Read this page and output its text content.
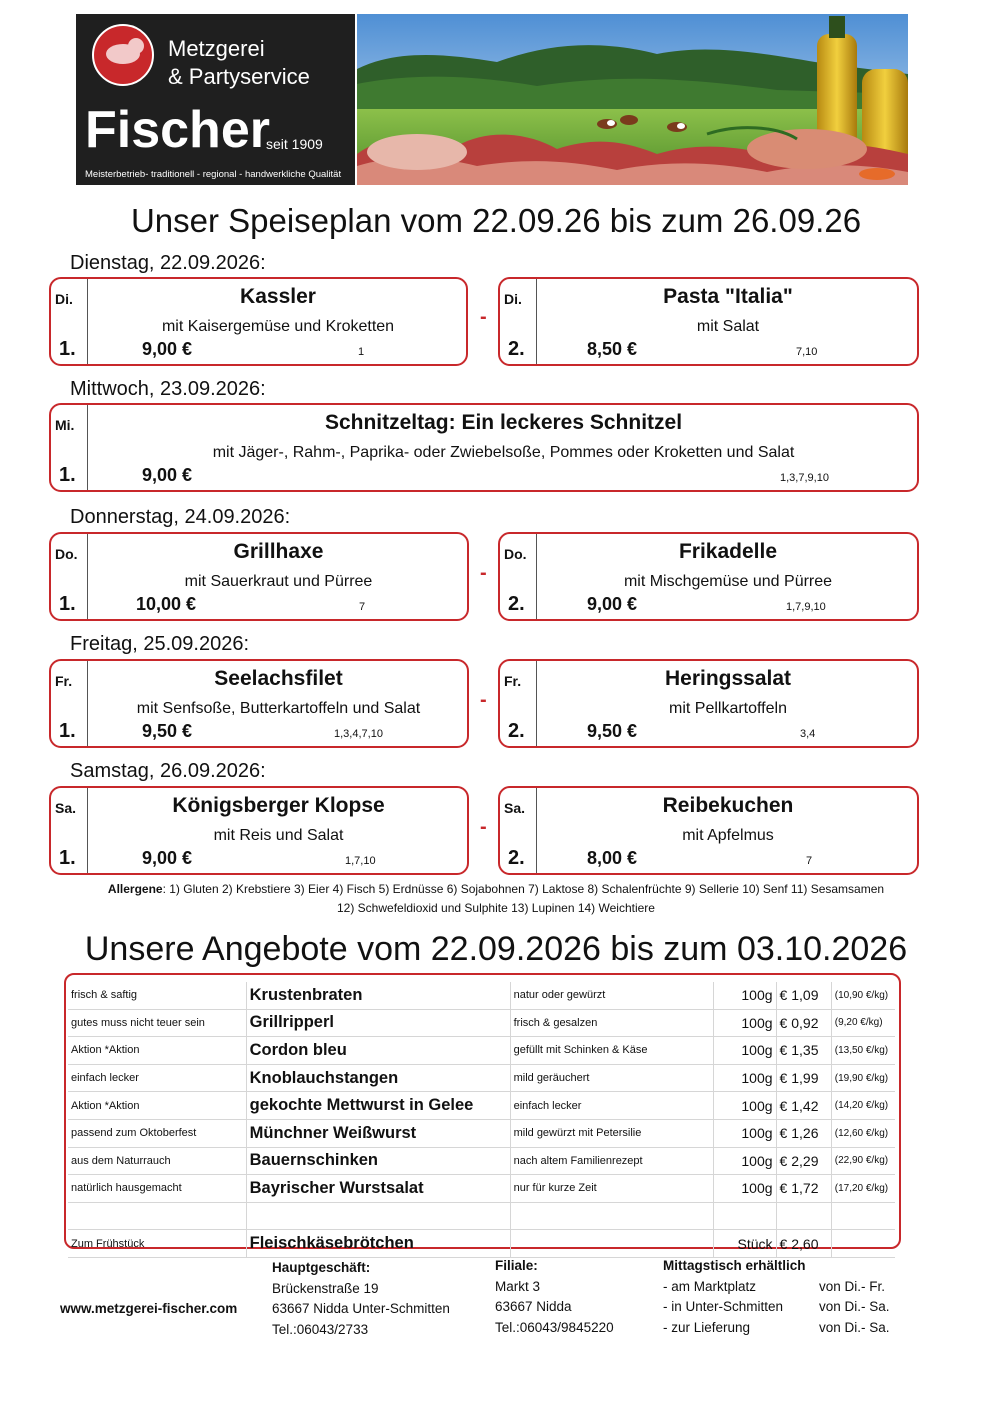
Metzgerei
& Partyservice
Fischer
seit 1909
Meisterbetrieb- traditionell - regional - handwerkliche Qualität
Unser Speiseplan vom 22.09.26 bis zum 26.09.26
Dienstag, 22.09.2026:
Di.
1.
Kassler
mit Kaisergemüse und Kroketten
9,00 €	1
-
Di.
2.
Pasta "Italia"
mit Salat
8,50 €	7,10
Mittwoch, 23.09.2026:
Mi.
1.
Schnitzeltag: Ein leckeres Schnitzel
mit Jäger-, Rahm-, Paprika- oder Zwiebelsoße, Pommes oder Kroketten und Salat
9,00 €	1,3,7,9,10
Donnerstag, 24.09.2026:
Do.
1.
Grillhaxe
mit Sauerkraut und Pürree
10,00 €	7
-
Do.
2.
Frikadelle
mit Mischgemüse und Pürree
9,00 €	1,7,9,10
Freitag, 25.09.2026:
Fr.
1.
Seelachsfilet
mit Senfsoße, Butterkartoffeln und Salat
9,50 €	1,3,4,7,10
-
Fr.
2.
Heringssalat
mit Pellkartoffeln
9,50 €	3,4
Samstag, 26.09.2026:
Sa.
1.
Königsberger Klopse
mit Reis und Salat
9,00 €	1,7,10
-
Sa.
2.
Reibekuchen
mit Apfelmus
8,00 €	7
Allergene: 1) Gluten 2) Krebstiere 3) Eier 4) Fisch 5) Erdnüsse 6) Sojabohnen 7) Laktose 8) Schalenfrüchte 9) Sellerie 10) Senf 11) Sesamsamen
12) Schwefeldioxid und Sulphite 13) Lupinen 14) Weichtiere
Unsere Angebote vom 22.09.2026 bis zum 03.10.2026
frisch & saftig	Krustenbraten	natur oder gewürzt	100g	€ 1,09	(10,90 €/kg)
gutes muss nicht teuer sein	Grillripperl	frisch & gesalzen	100g	€ 0,92	(9,20 €/kg)
Aktion *Aktion	Cordon bleu	gefüllt mit Schinken & Käse	100g	€ 1,35	(13,50 €/kg)
einfach lecker	Knoblauchstangen	mild geräuchert	100g	€ 1,99	(19,90 €/kg)
Aktion *Aktion	gekochte Mettwurst in Gelee	einfach lecker	100g	€ 1,42	(14,20 €/kg)
passend zum Oktoberfest	Münchner Weißwurst	mild gewürzt mit Petersilie	100g	€ 1,26	(12,60 €/kg)
aus dem Naturrauch	Bauernschinken	nach altem Familienrezept	100g	€ 2,29	(22,90 €/kg)
natürlich hausgemacht	Bayrischer Wurstsalat	nur für kurze Zeit	100g	€ 1,72	(17,20 €/kg)

Zum Frühstück	Fleischkäsebrötchen		Stück	€ 2,60	
www.metzgerei-fischer.com
Hauptgeschäft:
Brückenstraße 19
63667 Nidda Unter-Schmitten
Tel.:06043/2733
Filiale:
Markt 3
63667 Nidda
Tel.:06043/9845220
Mittagstisch erhältlich
- am Marktplatz	von Di.- Fr.
- in Unter-Schmitten	von Di.- Sa.
- zur Lieferung	von Di.- Sa.
